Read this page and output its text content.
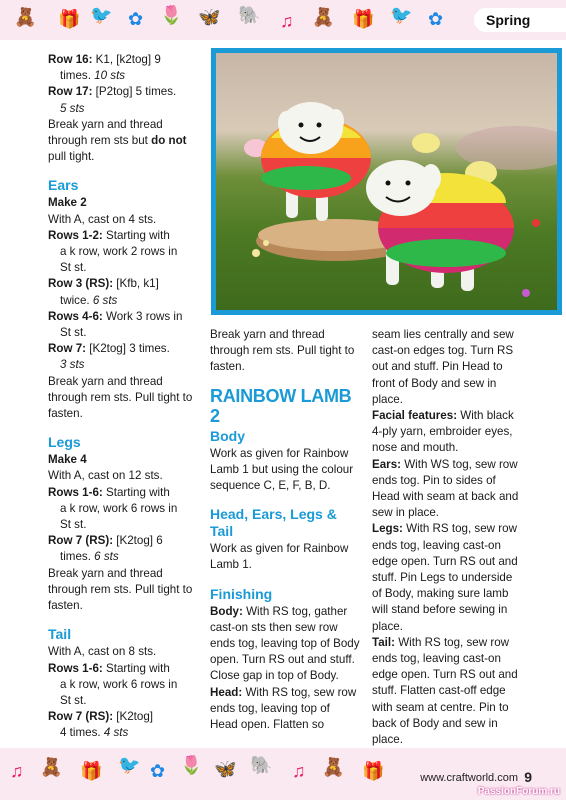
🧸 🎁 🐦 ✿ 🌷 🦋 🐘 ♫ 🧸 🎁 🐦 ✿	Spring

Row 16: K1, [k2tog] 9

times. 10 sts

Row 17: [P2tog] 5 times.

5 sts

Break yarn and thread through rem sts but do not pull tight.

Ears

Make 2

With A, cast on 4 sts.

Rows 1-2: Starting with

a k row, work 2 rows in

St st.

Row 3 (RS): [Kfb, k1]

twice. 6 sts

Rows 4-6: Work 3 rows in

St st.

Row 7: [K2tog] 3 times.

3 sts

Break yarn and thread through rem sts. Pull tight to fasten.

Legs

Make 4

With A, cast on 12 sts.

Rows 1-6: Starting with

a k row, work 6 rows in

St st.

Row 7 (RS): [K2tog] 6

times. 6 sts

Break yarn and thread through rem sts. Pull tight to fasten.

Tail

With A, cast on 8 sts.

Rows 1-6: Starting with

a k row, work 6 rows in

St st.

Row 7 (RS): [K2tog]

4 times. 4 sts

Break yarn and thread through rem sts. Pull tight to fasten.

RAINBOW LAMB 2

Body

Work as given for Rainbow Lamb 1 but using the colour sequence C, E, F, B, D.

Head, Ears, Legs & Tail

Work as given for Rainbow Lamb 1.

Finishing

Body: With RS tog, gather cast-on sts then sew row ends tog, leaving top of Body open. Turn RS out and stuff. Close gap in top of Body.

Head: With RS tog, sew row ends tog, leaving top of Head open. Flatten so

seam lies centrally and sew cast-on edges tog. Turn RS out and stuff. Pin Head to front of Body and sew in place.

Facial features: With black 4-ply yarn, embroider eyes, nose and mouth.

Ears: With WS tog, sew row ends tog. Pin to sides of Head with seam at back and sew in place.

Legs: With RS tog, sew row ends tog, leaving cast-on edge open. Turn RS out and stuff. Pin Legs to underside of Body, making sure lamb will stand before sewing in place.

Tail: With RS tog, sew row ends tog, leaving cast-on edge open. Turn RS out and stuff. Flatten cast-off edge with seam at centre. Pin to back of Body and sew in place.

♫ 🧸 🎁 🐦 ✿ 🌷 🦋 🐘 ♫ 🧸 🎁	www.craftworld.com 9
PassionForum.ru
